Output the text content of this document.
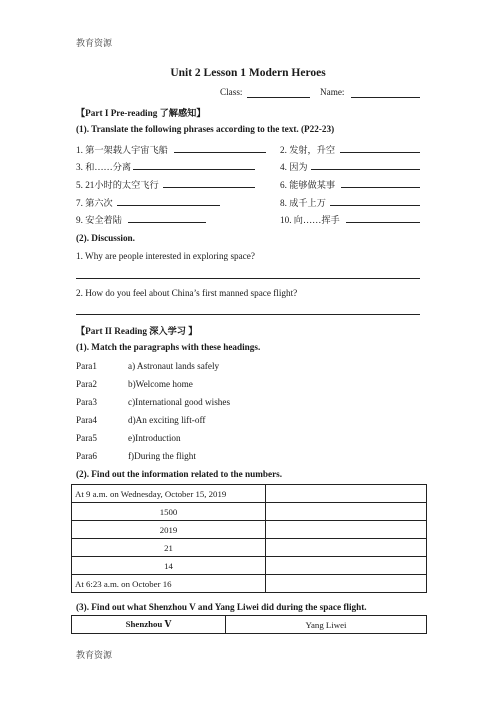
教育资源
Unit 2 Lesson 1 Modern Heroes
Class:	Name:
【Part I Pre-reading 了解感知】
(1). Translate the following phrases according to the text. (P22-23)
1. 第一架载人宇宙飞船	2. 发射，升空
3. 和……分离	4. 因为
5. 21小时的太空飞行	6. 能够做某事
7. 第六次	8. 成千上万
9. 安全着陆	10. 向……挥手
(2). Discussion.
1. Why are people interested in exploring space?
2. How do you feel about China’s first manned space flight?
【Part II Reading 深入学习 】
(1). Match the paragraphs with these headings.
Para1	a) Astronaut lands safely
Para2	b)Welcome home
Para3	c)International good wishes
Para4	d)An exciting lift-off
Para5	e)Introduction
Para6	f)During the flight
(2). Find out the information related to the numbers.
At 9 a.m. on Wednesday, October 15, 2019	
1500	
2019	
21	
14	
At 6:23 a.m. on October 16	
(3). Find out what Shenzhou V and Yang Liwei did during the space flight.
Shenzhou Ⅴ	Yang Liwei
教育资源
